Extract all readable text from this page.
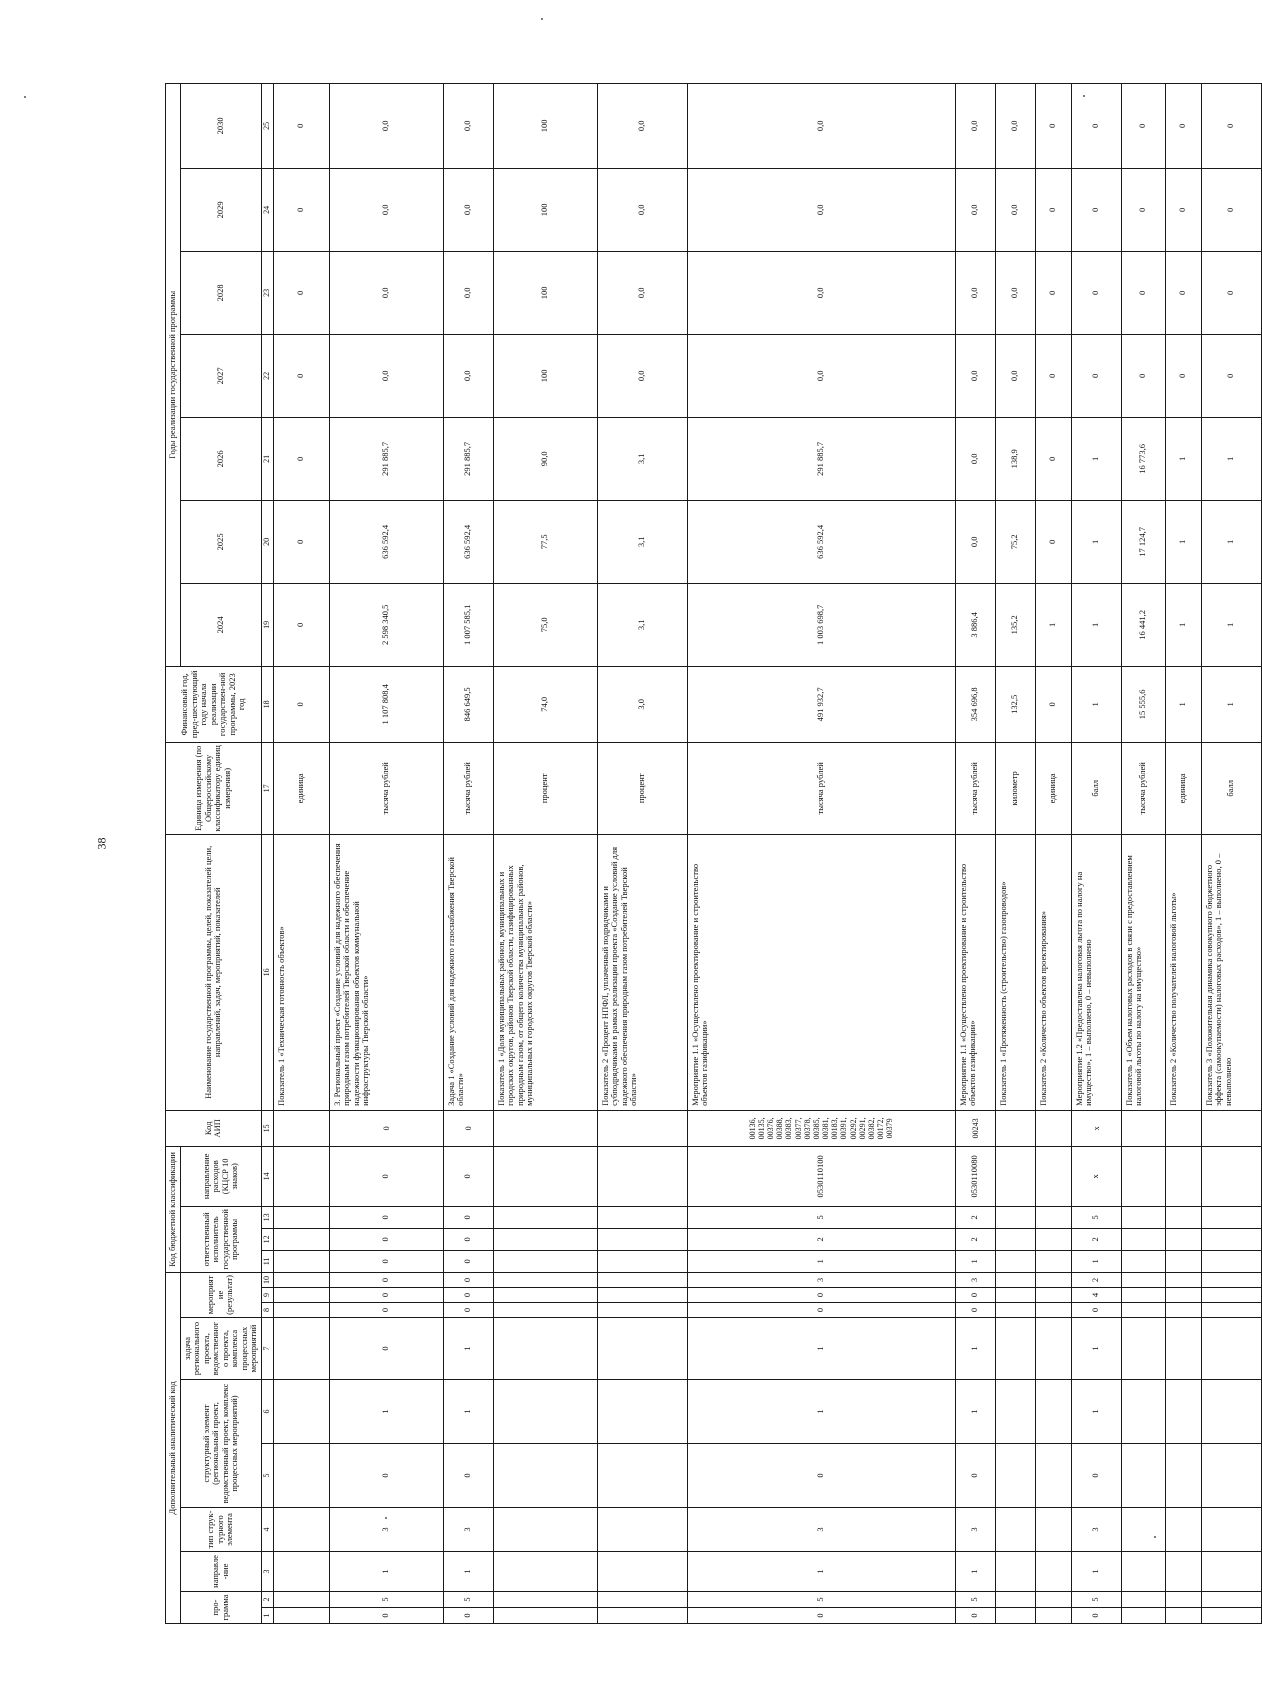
38
Дополнительный аналитический код										Код бюджетной классификации				Код АИП	Наименование государственной программы, целей, показателей цели, направлений, задач, мероприятий, показателей	Единица измерения (по Общероссийскому классификатору единиц измерения)	Финансовый год, пред-шествующий году начала реализации государствен-ной программы, 2023 год	Годы реализации государственной программы						
про-грамма		направле-ние	тип струк-турного элемента	структурный элемент (региональный проект, ведомственный проект, комплекс процессных мероприятий)		задача регионального проекта, ведомственного проекта, комплекса процессных мероприятий	мероприятие (результат)			ответственный исполнитель государственной программы			направление расходов (КЦСР 10 знаков)					2024	2025	2026	2027	2028	2029	2030
1	2	3	4	5	6	7	8	9	10	11	12	13	14	15	16	17	18	19	20	21	22	23	24	25
															Показатель 1 «Техническая готовность объектов»	единица	0	0	0	0	0	0	0	0
0	5	1	3	0	1	0	0	0	0	0	0	0	0	0	3. Региональный проект «Создание условий для надежного обеспечения природным газом потребителей Тверской области и обеспечение надежности функционирования объектов коммунальной инфраструктуры Тверской области»	тысяча рублей	1 107 808,4	2 598 340,5	636 592,4	291 885,7	0,0	0,0	0,0	0,0
0	5	1	3	0	1	1	0	0	0	0	0	0	0	0	Задача 1 «Создание условий для надежного газоснабжения Тверской области»	тысяча рублей	846 649,5	1 007 585,1	636 592,4	291 885,7	0,0	0,0	0,0	0,0
															Показатель 1 «Доля муниципальных районов, муниципальных и городских округов, районов Тверской области, газифицированных природным газом, от общего количества муниципальных районов, муниципальных и городских округов Тверской области»	процент	74,0	75,0	77,5	90,0	100	100	100	100
															Показатель 2 «Процент НПФЛ, уплаченный подрядчиками и субподрядчиками в рамках реализации проекта «Создание условий для надежного обеспечения природным газом потребителей Тверской области»	процент	3,0	3,1	3,1	3,1	0,0	0,0	0,0	0,0
0	5	1	3	0	1	1	0	0	3	1	2	5	0530110100	00136, 00135, 00376, 00388, 00383, 00377, 00378, 00385, 00381, 00183, 00391, 00292, 00291, 00382, 00172, 00379	Мероприятие 1.1 «Осуществлено проектирование и строительство объектов газификации»	тысяча рублей	491 932,7	1 003 698,7	636 592,4	291 885,7	0,0	0,0	0,0	0,0
0	5	1	3	0	1	1	0	0	3	1	2	2	0530110080	00243	Мероприятие 1.1 «Осуществлено проектирование и строительство объектов газификации»	тысяча рублей	354 696,8	3 886,4	0,0	0,0	0,0	0,0	0,0	0,0
															Показатель 1 «Протяженность (строительство) газопроводов»	километр	132,5	135,2	75,2	138,9	0,0	0,0	0,0	0,0
															Показатель 2 «Количество объектов проектирования»	единица	0	1	0	0	0	0	0	0
0	5	1	3	0	1	1	0	4	2	1	2	5	х	х	Мероприятие 1.2 «Предоставлена налоговая льгота по налогу на имущество», 1 – выполнено, 0 – невыполнено	балл	1	1	1	1	0	0	0	0
															Показатель 1 «Объем налоговых расходов в связи с предоставлением налоговой льготы по налогу на имущество»	тысяча рублей	15 555,6	16 441,2	17 124,7	16 773,6	0	0	0	0
															Показатель 2 «Количество получателей налоговой льготы»	единица	1	1	1	1	0	0	0	0
															Показатель 3 «Положительная динамика совокупного бюджетного эффекта (самоокупаемости) налоговых расходов», 1 – выполнено, 0 – невыполнено	балл	1	1	1	1	0	0	0	0
